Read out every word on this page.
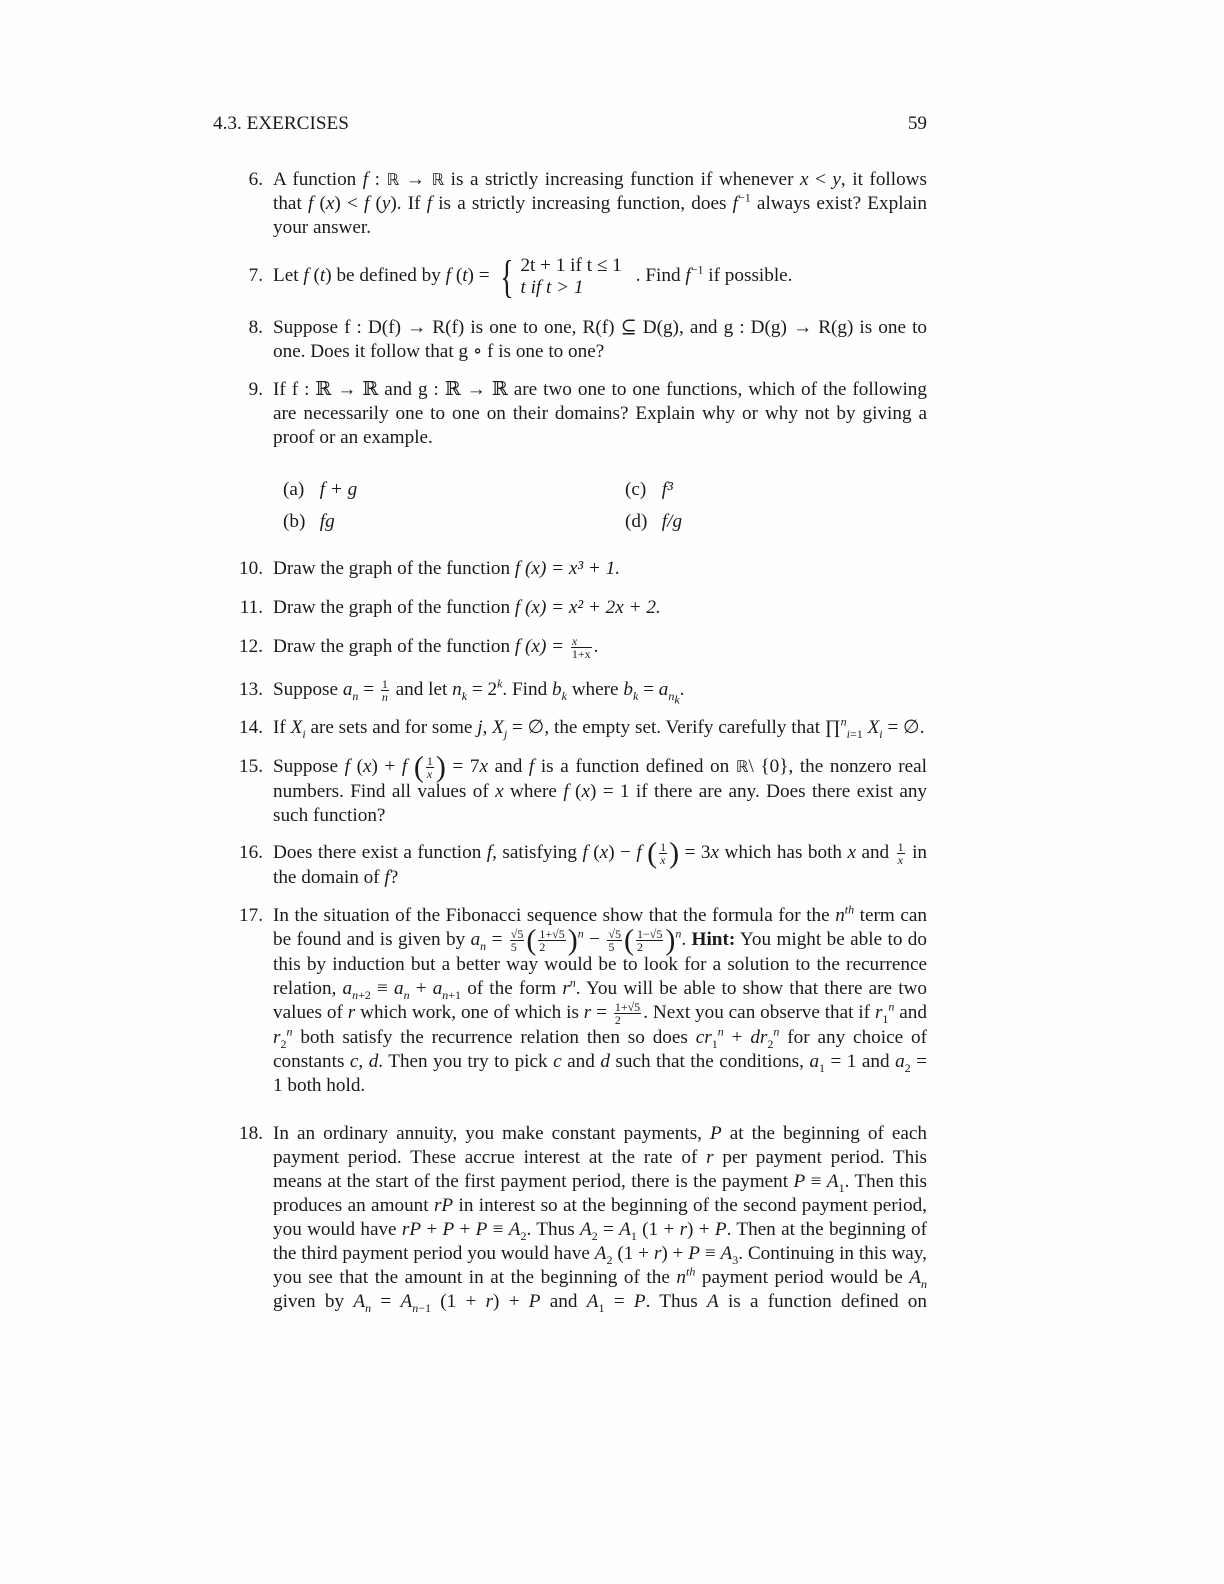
4.3. EXERCISES	59
6. A function f : ℝ → ℝ is a strictly increasing function if whenever x < y, it follows that f (x) < f (y). If f is a strictly increasing function, does $f^{-1}$ always exist? Explain your answer.
7. Let f (t) be defined by f (t) = { 2t + 1 if t ≤ 1
t if t > 1
. Find $f^{-1}$ if possible.
8. Suppose f : D(f) → R(f) is one to one, R(f) ⊆ D(g), and g : D(g) → R(g) is one to one. Does it follow that g ∘ f is one to one?
9. If f : ℝ → ℝ and g : ℝ → ℝ are two one to one functions, which of the following are necessarily one to one on their domains? Explain why or why not by giving a proof or an example.
(a) f + g	(c) f³
(b) fg	(d) f/g
10. Draw the graph of the function f (x) = x³ + 1.
11. Draw the graph of the function f (x) = x² + 2x + 2.
12. Draw the graph of the function f $(x) = \frac{x}{1+x}$ .
13. Suppose $a_n = \frac{1}{n}$ and let $n_k = 2^k$. Find $b_k$ where $b_k = a_{n_k}$.
14. If $X_i$ are sets and for some j, $X_j$ = ∅, the empty set. Verify carefully that ∏$^n_{i=1}$ $X_i$ = ∅.
15. Suppose f (x) + f ( $\frac{1}{x}$ ) = 7x and f is a function defined on ℝ\ {0}, the nonzero real numbers. Find all values of x where f (x) = 1 if there are any. Does there exist any such function?
16. Does there exist a function f, satisfying f (x) − f ( $\frac{1}{x}$ ) = 3x which has both x and $\frac{1}{x}$ in the domain of f?
17. In the situation of the Fibonacci sequence show that the formula for the $n^{th}$ term can be found and is given by $a_n = \frac{√5}{5}$ ( $\frac{1+√5}{2} )^n - \frac{√5}{5}$ ( $\frac{1-√5}{2} )^n$. Hint: You might be able to do this by induction but a better way would be to look for a solution to the recurrence relation, $a_{n+2} \equiv a_n + a_{n+1}$ of the form $r^n$. You will be able to show that there are two values of r which work, one of which is $r = \frac{1+√5}{2}$ . Next you can observe that if $r_1^n$ and $r_2^n$ both satisfy the recurrence relation then so does $cr_1^n + dr_2^n$ for any choice of constants c, d. Then you try to pick c and d such that the conditions, $a_1 = 1$ and $a_2 = 1$ both hold.
18. In an ordinary annuity, you make constant payments, P at the beginning of each payment period. These accrue interest at the rate of r per payment period. This means at the start of the first payment period, there is the payment $P \equiv A_1$. Then this produces an amount rP in interest so at the beginning of the second payment period, you would have rP + $P + P \equiv A_2$. Thus $A_2 = A_1$ (1 + r) + P. Then at the beginning of the third payment period you would have $A_2$ $(1 + r) + P \equiv A_3$. Continuing in this way, you see that the amount in at the beginning of the $n^{th}$ payment period would be $A_n$ given by $A_n = A_{n-1}$ (1 + r) + P and $A_1 = P$. Thus A is a function defined on
